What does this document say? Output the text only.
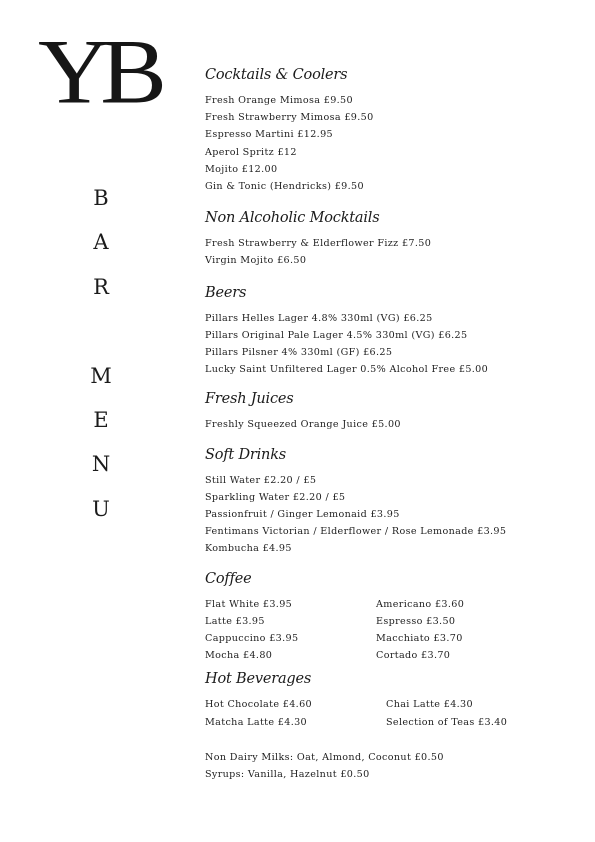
YB
B
A
R
M
E
N
U
Cocktails & Coolers
Fresh Orange Mimosa £9.50
Fresh Strawberry Mimosa £9.50
Espresso Martini £12.95
Aperol Spritz £12
Mojito £12.00
Gin & Tonic (Hendricks) £9.50
Non Alcoholic Mocktails
Fresh Strawberry & Elderflower Fizz £7.50
Virgin Mojito £6.50
Beers
Pillars Helles Lager 4.8% 330ml (VG) £6.25
Pillars Original Pale Lager 4.5% 330ml (VG) £6.25
Pillars Pilsner 4% 330ml (GF) £6.25
Lucky Saint Unfiltered Lager 0.5% Alcohol Free £5.00
Fresh Juices
Freshly Squeezed Orange Juice £5.00
Soft Drinks
Still Water £2.20 / £5
Sparkling Water £2.20 / £5
Passionfruit / Ginger Lemonaid £3.95
Fentimans Victorian / Elderflower / Rose Lemonade £3.95
Kombucha £4.95
Coffee
Flat White £3.95
Latte £3.95
Cappuccino £3.95
Mocha £4.80
Americano £3.60
Espresso £3.50
Macchiato £3.70
Cortado £3.70
Hot Beverages
Hot Chocolate £4.60
Matcha Latte £4.30
Chai Latte £4.30
Selection of Teas £3.40
Non Dairy Milks: Oat, Almond, Coconut £0.50
Syrups: Vanilla, Hazelnut £0.50
